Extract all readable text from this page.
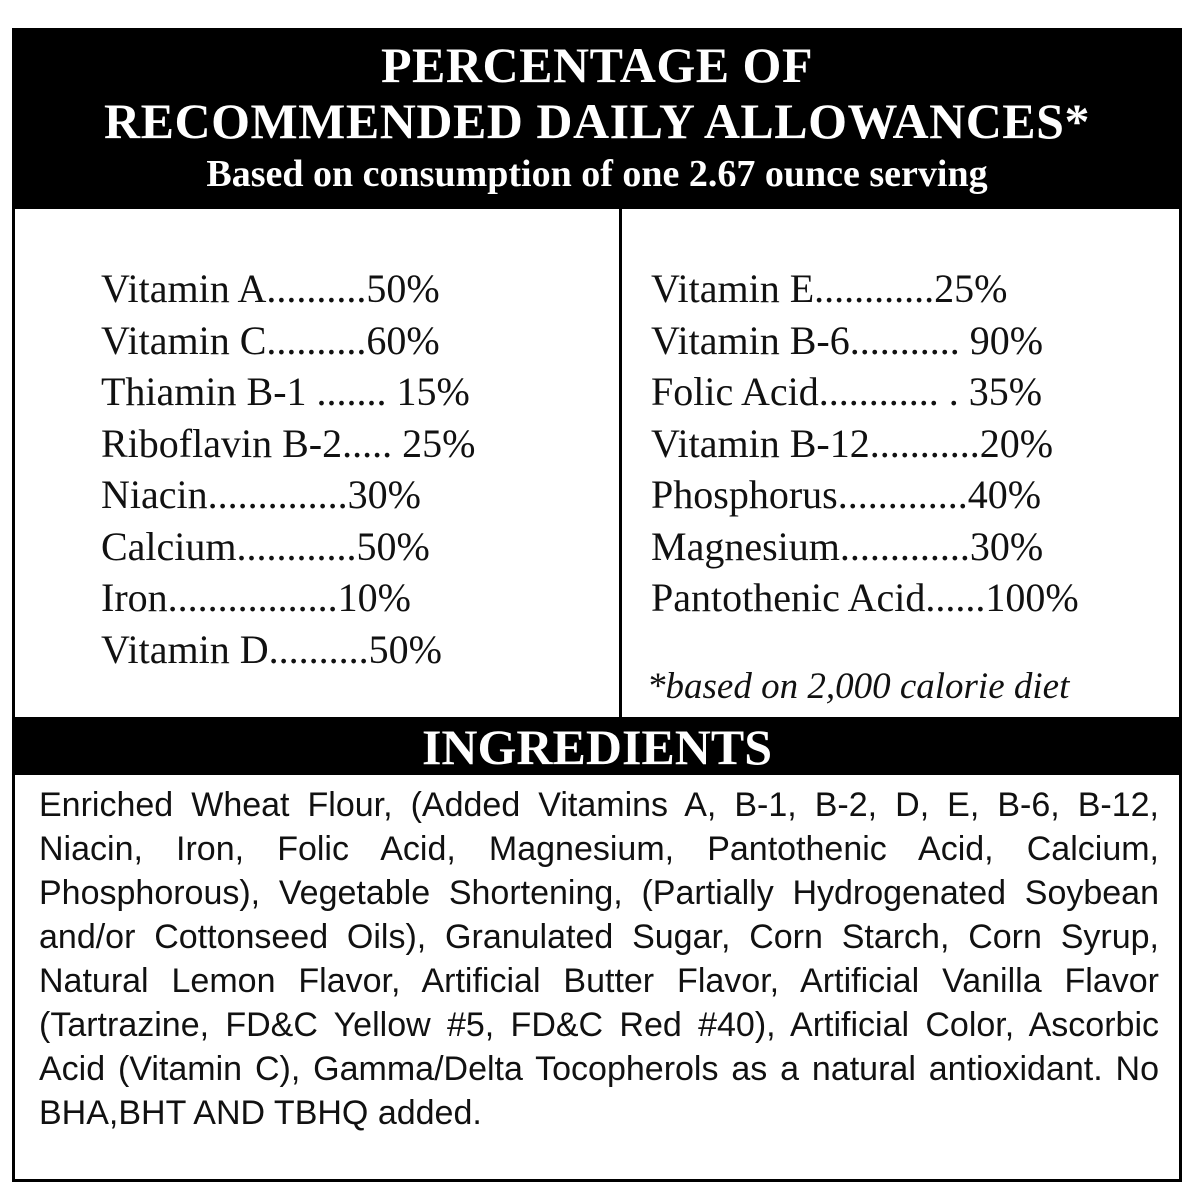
PERCENTAGE OF
RECOMMENDED DAILY ALLOWANCES*
Based on consumption of one 2.67 ounce serving
Vitamin A..........50%
Vitamin C..........60%
Thiamin B-1 ....... 15%
Riboflavin B-2..... 25%
Niacin..............30%
Calcium............50%
Iron.................10%
Vitamin D..........50%
Vitamin E............25%
Vitamin B-6........... 90%
Folic Acid............ . 35%
Vitamin B-12...........20%
Phosphorus.............40%
Magnesium.............30%
Pantothenic Acid......100%
*based on 2,000 calorie diet
INGREDIENTS
Enriched Wheat Flour, (Added Vitamins A, B-1, B-2, D, E, B-6, B-12, Niacin, Iron, Folic Acid, Magnesium, Pantothenic Acid, Calcium, Phosphorous), Vegetable Shortening, (Partially Hydrogenated Soybean and/or Cottonseed Oils), Granulated Sugar, Corn Starch, Corn Syrup, Natural Lemon Flavor, Artificial Butter Flavor, Artificial Vanilla Flavor (Tartrazine, FD&C Yellow #5, FD&C Red #40), Artificial Color, Ascorbic Acid (Vitamin C), Gamma/Delta Tocopherols as a natural antioxidant. No BHA,BHT AND TBHQ added.
